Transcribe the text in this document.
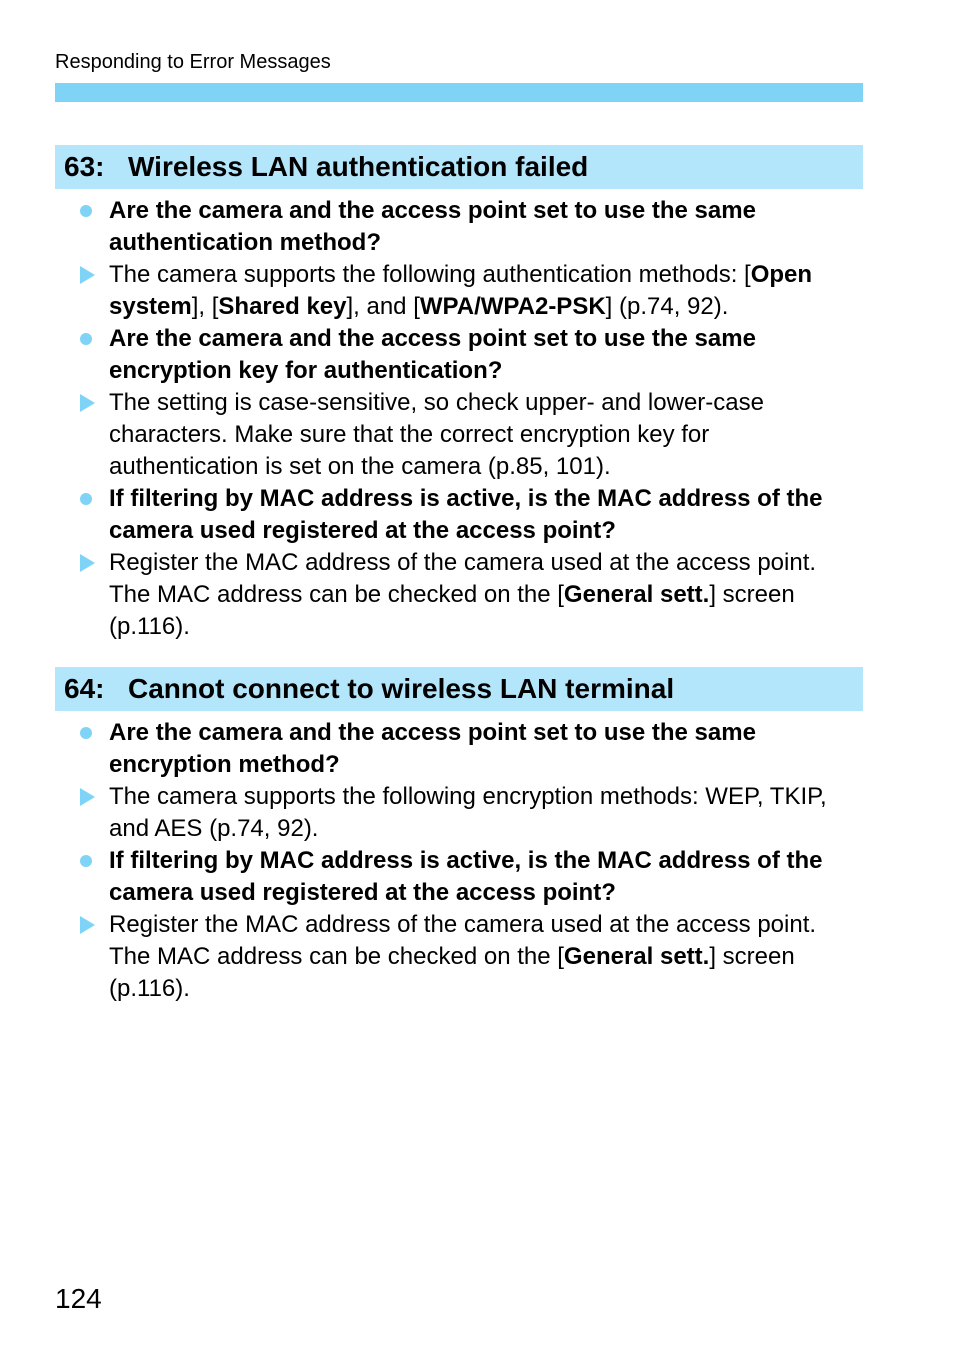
Responding to Error Messages
63: Wireless LAN authentication failed
Are the camera and the access point set to use the same authentication method?
The camera supports the following authentication methods: [Open system], [Shared key], and [WPA/WPA2-PSK] (p.74, 92).
Are the camera and the access point set to use the same encryption key for authentication?
The setting is case-sensitive, so check upper- and lower-case characters. Make sure that the correct encryption key for authentication is set on the camera (p.85, 101).
If filtering by MAC address is active, is the MAC address of the camera used registered at the access point?
Register the MAC address of the camera used at the access point. The MAC address can be checked on the [General sett.] screen (p.116).
64: Cannot connect to wireless LAN terminal
Are the camera and the access point set to use the same encryption method?
The camera supports the following encryption methods: WEP, TKIP, and AES (p.74, 92).
If filtering by MAC address is active, is the MAC address of the camera used registered at the access point?
Register the MAC address of the camera used at the access point. The MAC address can be checked on the [General sett.] screen (p.116).
124
